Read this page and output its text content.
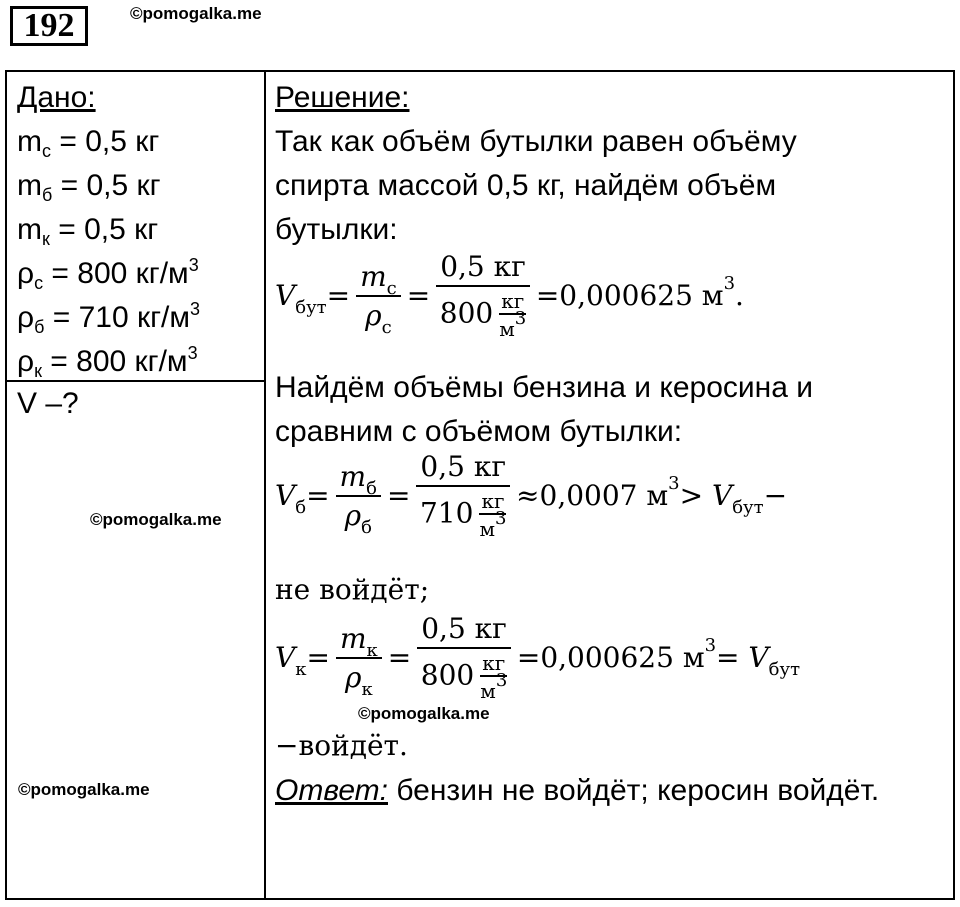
192	©pomogalka.me
Дано:
$m_с = 0,5$ кг
$m_б = 0,5$ кг
$m_к = 0,5$ кг
$\rho_с = 800$ $кг/м^3$
$\rho_б = 710$ $кг/м^3$
$\rho_к = 800$ $кг/м^3$
V –?
©pomogalka.me
©pomogalka.me
Решение:
Так как объём бутылки равен объёму
спирта массой 0,5 кг, найдём объём
бутылки:
$V_{бут} = \frac{m_с}{\rho_с} = \frac{0,5 кг}{800 \frac{кг}{м3}} = 0,000625$ м 3 .
Найдём объёмы бензина и керосина и
сравним с объёмом бутылки:
$V_б = \frac{m_б}{\rho_б} = \frac{0,5 кг}{710 \frac{кг}{м3}} \approx 0,0007$ м $3 > V_{бут}$ −
не войдёт;
$V_к = \frac{m_к}{\rho_к} = \frac{0,5 кг}{800 \frac{кг}{м3}} = 0,000625$ м $3 = V_{бут}$
©pomogalka.me
−войдёт.
Ответ: бензин не войдёт; керосин войдёт.
